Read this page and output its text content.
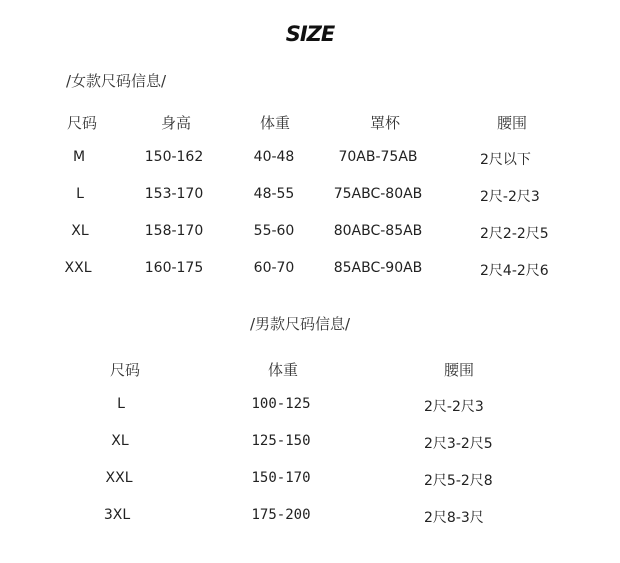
SIZE
/女款尺码信息/
尺码	身高	体重	罩杯	腰围
M	150-162	40-48	70AB-75AB	2尺以下
L	153-170	48-55	75ABC-80AB	2尺-2尺3
XL	158-170	55-60	80ABC-85AB	2尺2-2尺5
XXL	160-175	60-70	85ABC-90AB	2尺4-2尺6
/男款尺码信息/
尺码	体重	腰围
L	100-125	2尺-2尺3
XL	125-150	2尺3-2尺5
XXL	150-170	2尺5-2尺8
3XL	175-200	2尺8-3尺
